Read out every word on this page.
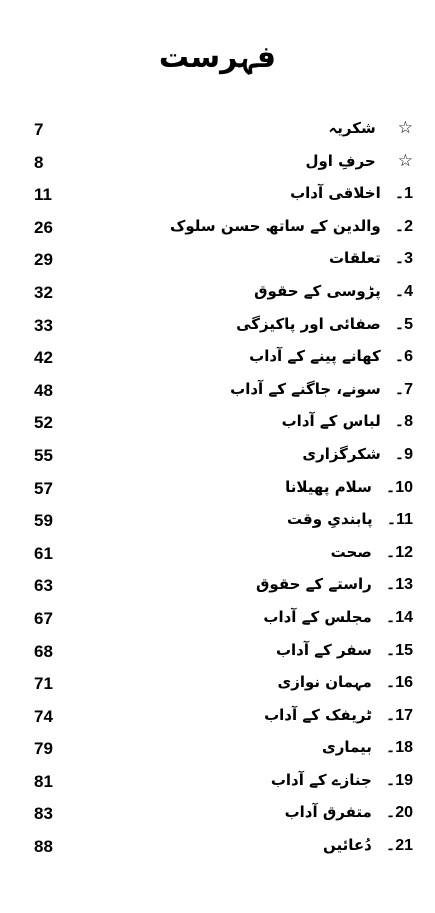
فہرست
7	☆شکریہ
8	☆حرفِ اول
11	1۔اخلاقی آداب
26	2۔والدین کے ساتھ حسن سلوک
29	3۔تعلقات
32	4۔پڑوسی کے حقوق
33	5۔صفائی اور پاکیزگی
42	6۔کھانے پینے کے آداب
48	7۔سونے، جاگنے کے آداب
52	8۔لباس کے آداب
55	9۔شکرگزاری
57	10۔سلام پھیلانا
59	11۔پابندیِ وقت
61	12۔صحت
63	13۔راستے کے حقوق
67	14۔مجلس کے آداب
68	15۔سفر کے آداب
71	16۔مہمان نوازی
74	17۔ٹریفک کے آداب
79	18۔بیماری
81	19۔جنازے کے آداب
83	20۔متفرق آداب
88	21۔دُعائیں
